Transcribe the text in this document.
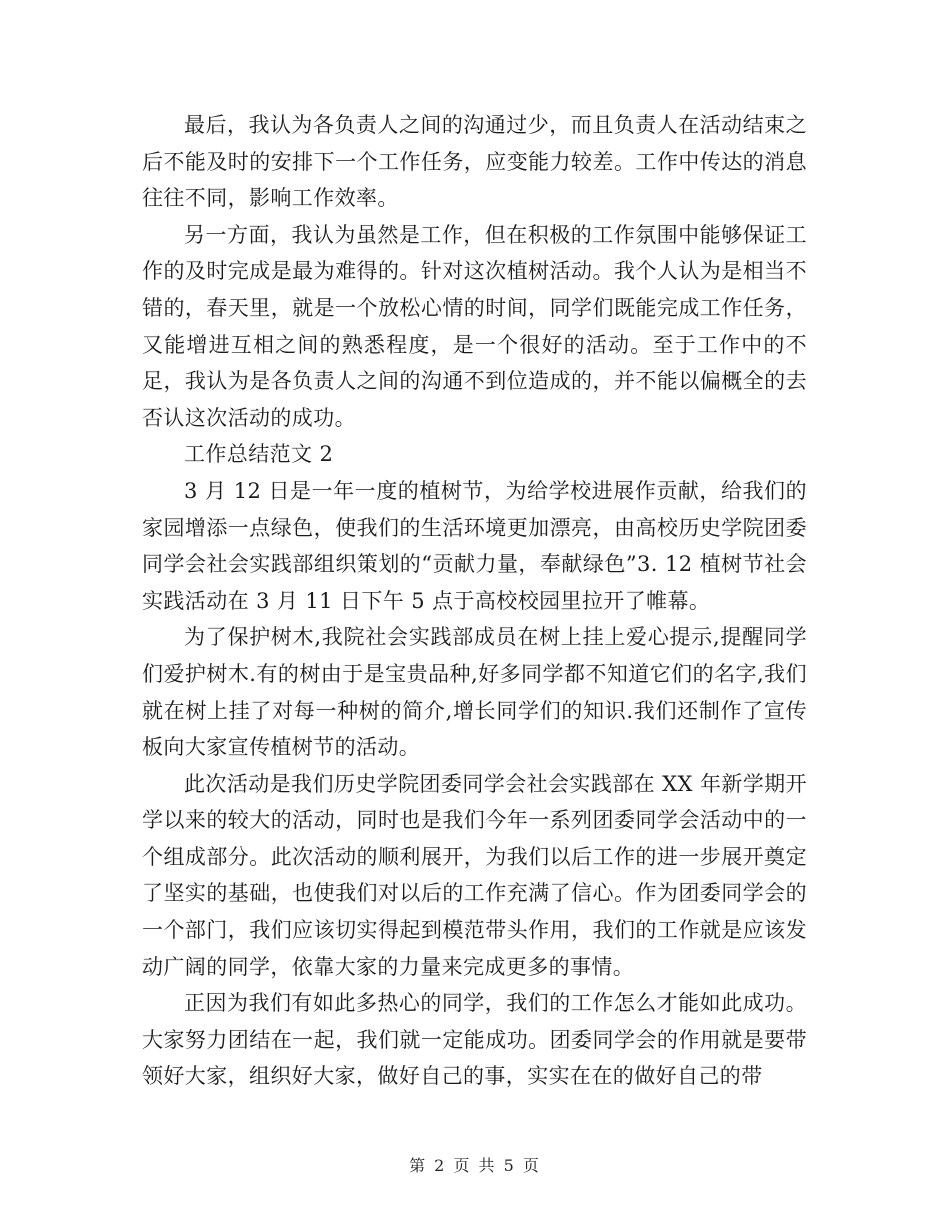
最后，我认为各负责人之间的沟通过少，而且负责人在活动结束之后不能及时的安排下一个工作任务，应变能力较差。工作中传达的消息往往不同，影响工作效率。

另一方面，我认为虽然是工作，但在积极的工作氛围中能够保证工作的及时完成是最为难得的。针对这次植树活动。我个人认为是相当不错的，春天里，就是一个放松心情的时间，同学们既能完成工作任务，又能增进互相之间的熟悉程度，是一个很好的活动。至于工作中的不足，我认为是各负责人之间的沟通不到位造成的，并不能以偏概全的去否认这次活动的成功。

工作总结范文 2

3 月 12 日是一年一度的植树节，为给学校进展作贡献，给我们的家园增添一点绿色，使我们的生活环境更加漂亮，由高校历史学院团委同学会社会实践部组织策划的“贡献力量，奉献绿色”3. 12 植树节社会实践活动在 3 月 11 日下午 5 点于高校校园里拉开了帷幕。

为了保护树木,我院社会实践部成员在树上挂上爱心提示,提醒同学们爱护树木.有的树由于是宝贵品种,好多同学都不知道它们的名字,我们就在树上挂了对每一种树的简介,增长同学们的知识.我们还制作了宣传板向大家宣传植树节的活动。

此次活动是我们历史学院团委同学会社会实践部在 XX 年新学期开学以来的较大的活动，同时也是我们今年一系列团委同学会活动中的一个组成部分。此次活动的顺利展开，为我们以后工作的进一步展开奠定了坚实的基础，也使我们对以后的工作充满了信心。作为团委同学会的一个部门，我们应该切实得起到模范带头作用，我们的工作就是应该发动广阔的同学，依靠大家的力量来完成更多的事情。

正因为我们有如此多热心的同学，我们的工作怎么才能如此成功。大家努力团结在一起，我们就一定能成功。团委同学会的作用就是要带领好大家，组织好大家，做好自己的事，实实在在的做好自己的带

第 2 页 共 5 页
